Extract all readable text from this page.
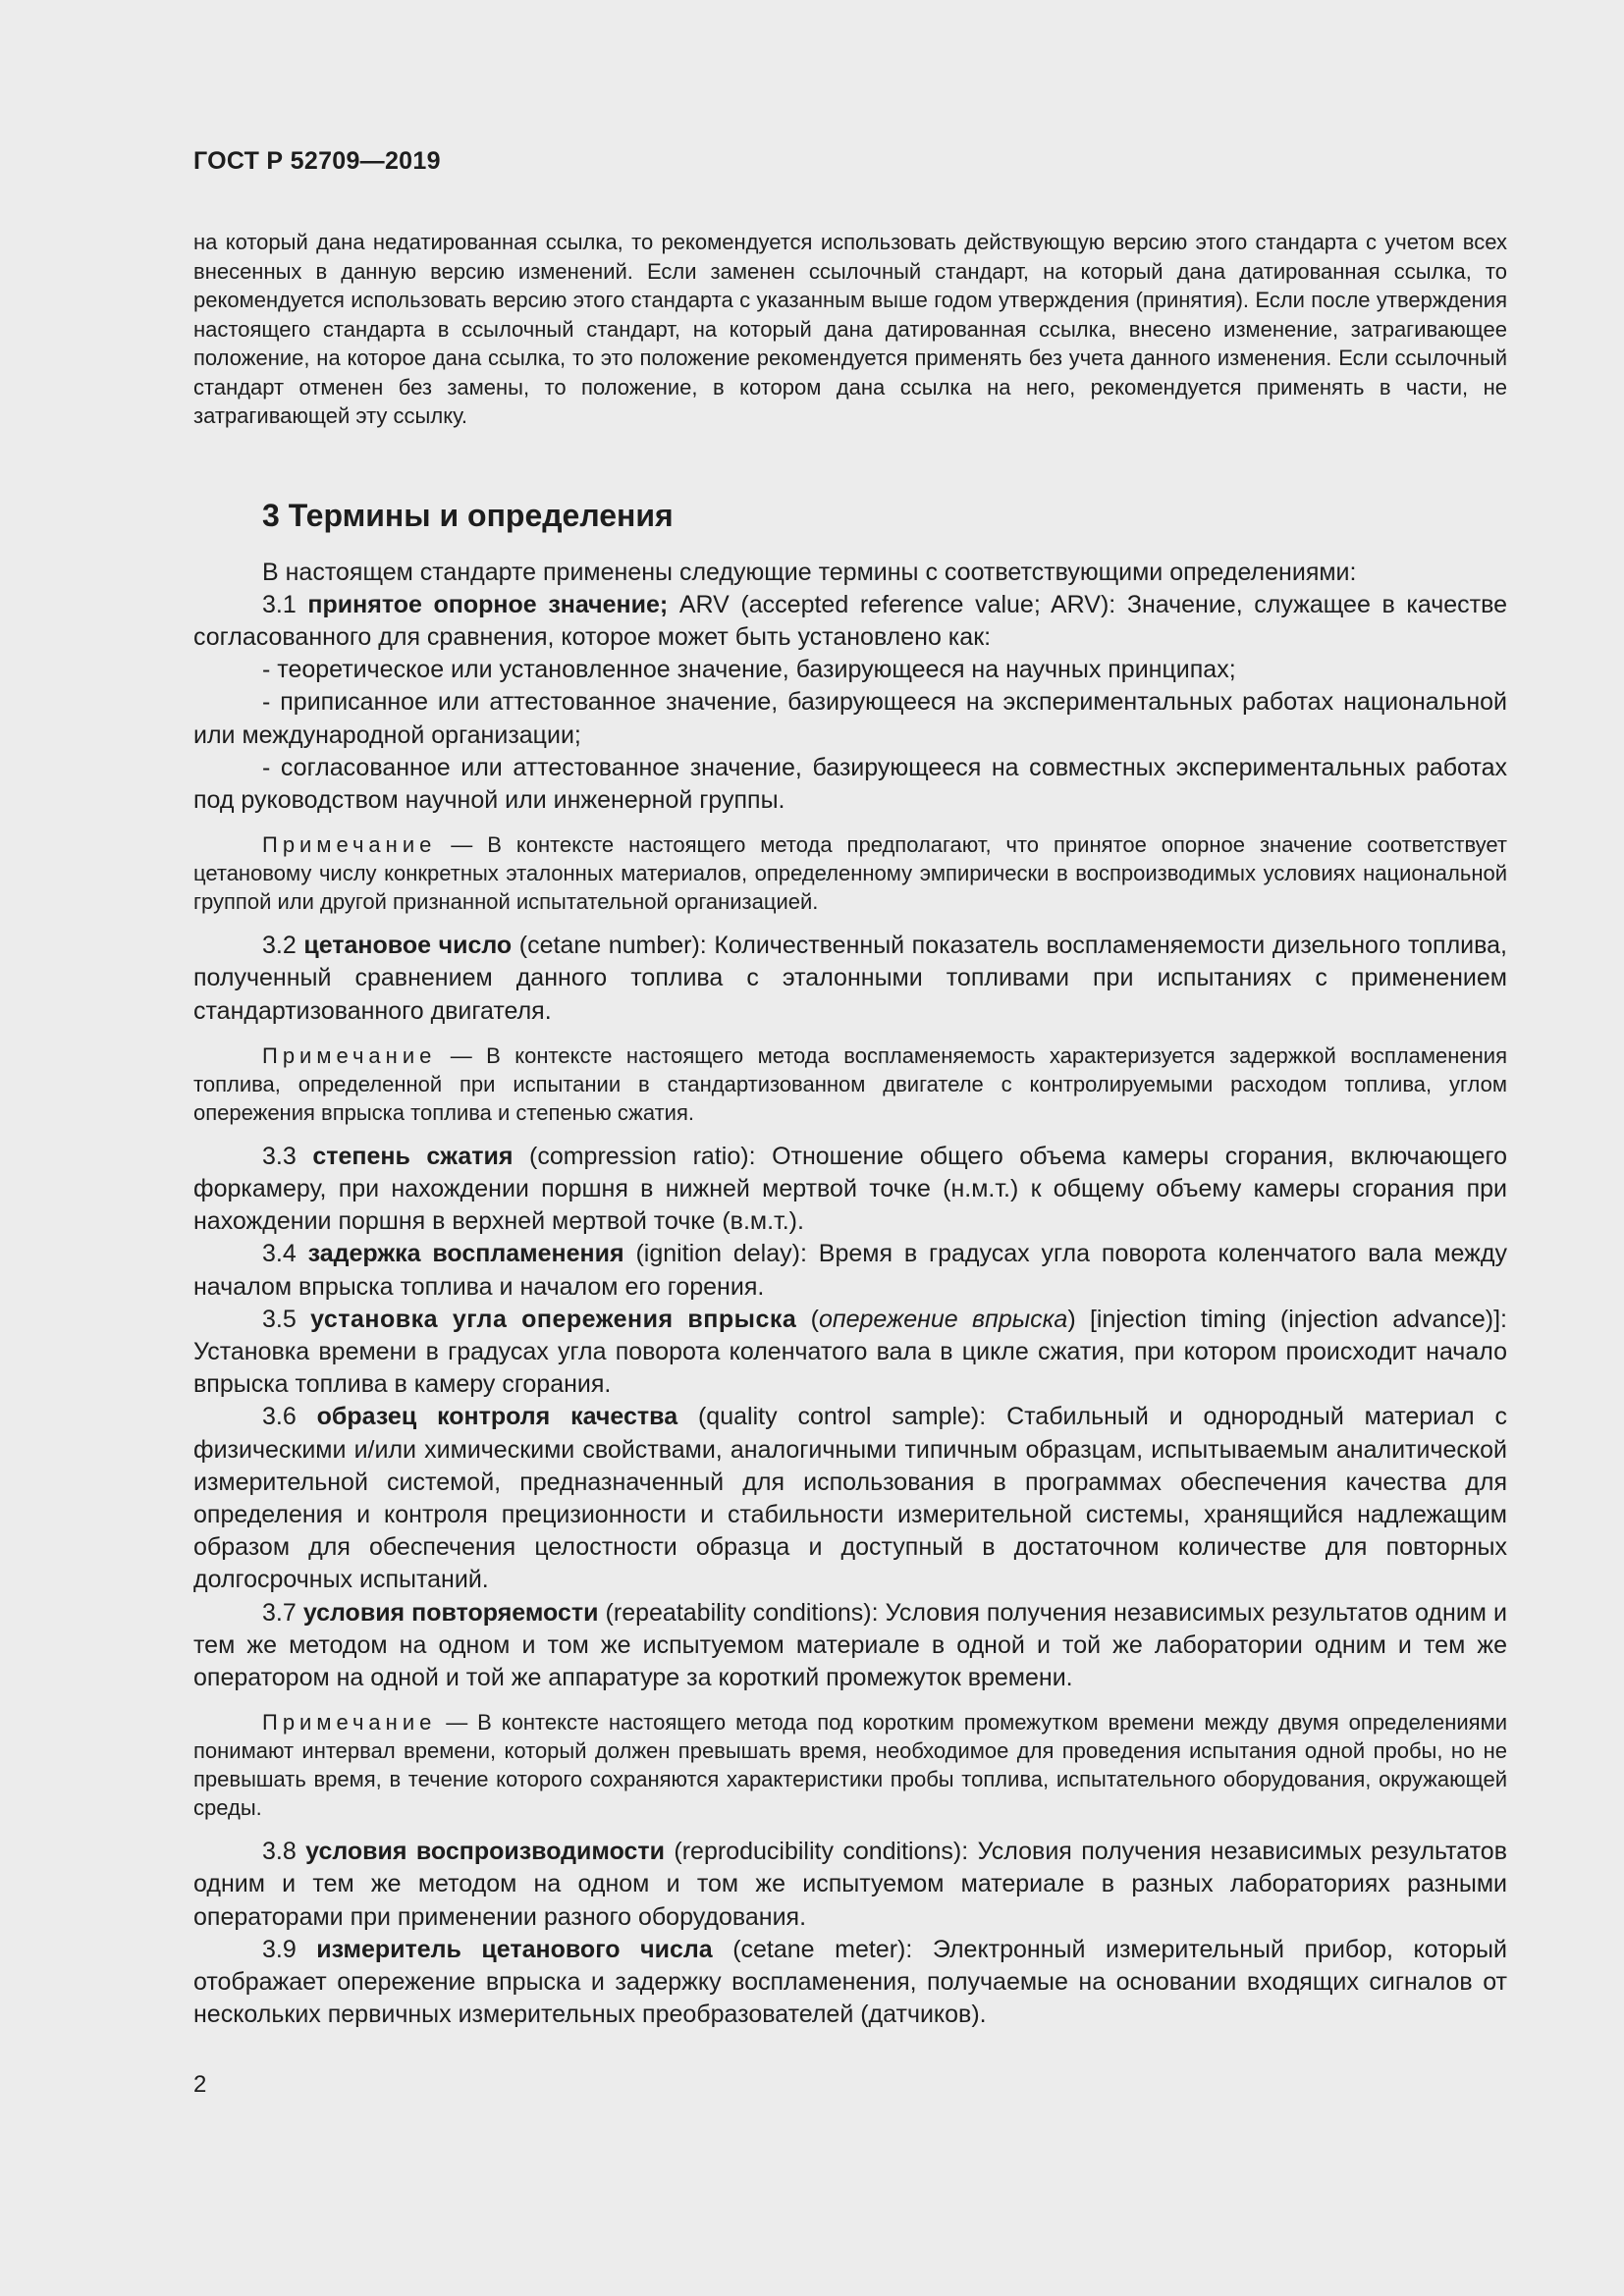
ГОСТ Р 52709—2019

на который дана недатированная ссылка, то рекомендуется использовать действующую версию этого стандарта с учетом всех внесенных в данную версию изменений. Если заменен ссылочный стандарт, на который дана датированная ссылка, то рекомендуется использовать версию этого стандарта с указанным выше годом утверждения (принятия). Если после утверждения настоящего стандарта в ссылочный стандарт, на который дана датированная ссылка, внесено изменение, затрагивающее положение, на которое дана ссылка, то это положение рекомендуется применять без учета данного изменения. Если ссылочный стандарт отменен без замены, то положение, в котором дана ссылка на него, рекомендуется применять в части, не затрагивающей эту ссылку.

3 Термины и определения

В настоящем стандарте применены следующие термины с соответствующими определениями:

3.1 принятое опорное значение; ARV (accepted reference value; ARV): Значение, служащее в качестве согласованного для сравнения, которое может быть установлено как:

- теоретическое или установленное значение, базирующееся на научных принципах;

- приписанное или аттестованное значение, базирующееся на экспериментальных работах национальной или международной организации;

- согласованное или аттестованное значение, базирующееся на совместных экспериментальных работах под руководством научной или инженерной группы.

Примечание — В контексте настоящего метода предполагают, что принятое опорное значение соответствует цетановому числу конкретных эталонных материалов, определенному эмпирически в воспроизводимых условиях национальной группой или другой признанной испытательной организацией.

3.2 цетановое число (cetane number): Количественный показатель воспламеняемости дизельного топлива, полученный сравнением данного топлива с эталонными топливами при испытаниях с применением стандартизованного двигателя.

Примечание — В контексте настоящего метода воспламеняемость характеризуется задержкой воспламенения топлива, определенной при испытании в стандартизованном двигателе с контролируемыми расходом топлива, углом опережения впрыска топлива и степенью сжатия.

3.3 степень сжатия (compression ratio): Отношение общего объема камеры сгорания, включающего форкамеру, при нахождении поршня в нижней мертвой точке (н.м.т.) к общему объему камеры сгорания при нахождении поршня в верхней мертвой точке (в.м.т.).

3.4 задержка воспламенения (ignition delay): Время в градусах угла поворота коленчатого вала между началом впрыска топлива и началом его горения.

3.5 установка угла опережения впрыска (опережение впрыска) [injection timing (injection advance)]: Установка времени в градусах угла поворота коленчатого вала в цикле сжатия, при котором происходит начало впрыска топлива в камеру сгорания.

3.6 образец контроля качества (quality control sample): Стабильный и однородный материал с физическими и/или химическими свойствами, аналогичными типичным образцам, испытываемым аналитической измерительной системой, предназначенный для использования в программах обеспечения качества для определения и контроля прецизионности и стабильности измерительной системы, хранящийся надлежащим образом для обеспечения целостности образца и доступный в достаточном количестве для повторных долгосрочных испытаний.

3.7 условия повторяемости (repeatability conditions): Условия получения независимых результатов одним и тем же методом на одном и том же испытуемом материале в одной и той же лаборатории одним и тем же оператором на одной и той же аппаратуре за короткий промежуток времени.

Примечание — В контексте настоящего метода под коротким промежутком времени между двумя определениями понимают интервал времени, который должен превышать время, необходимое для проведения испытания одной пробы, но не превышать время, в течение которого сохраняются характеристики пробы топлива, испытательного оборудования, окружающей среды.

3.8 условия воспроизводимости (reproducibility conditions): Условия получения независимых результатов одним и тем же методом на одном и том же испытуемом материале в разных лабораториях разными операторами при применении разного оборудования.

3.9 измеритель цетанового числа (cetane meter): Электронный измерительный прибор, который отображает опережение впрыска и задержку воспламенения, получаемые на основании входящих сигналов от нескольких первичных измерительных преобразователей (датчиков).

2
